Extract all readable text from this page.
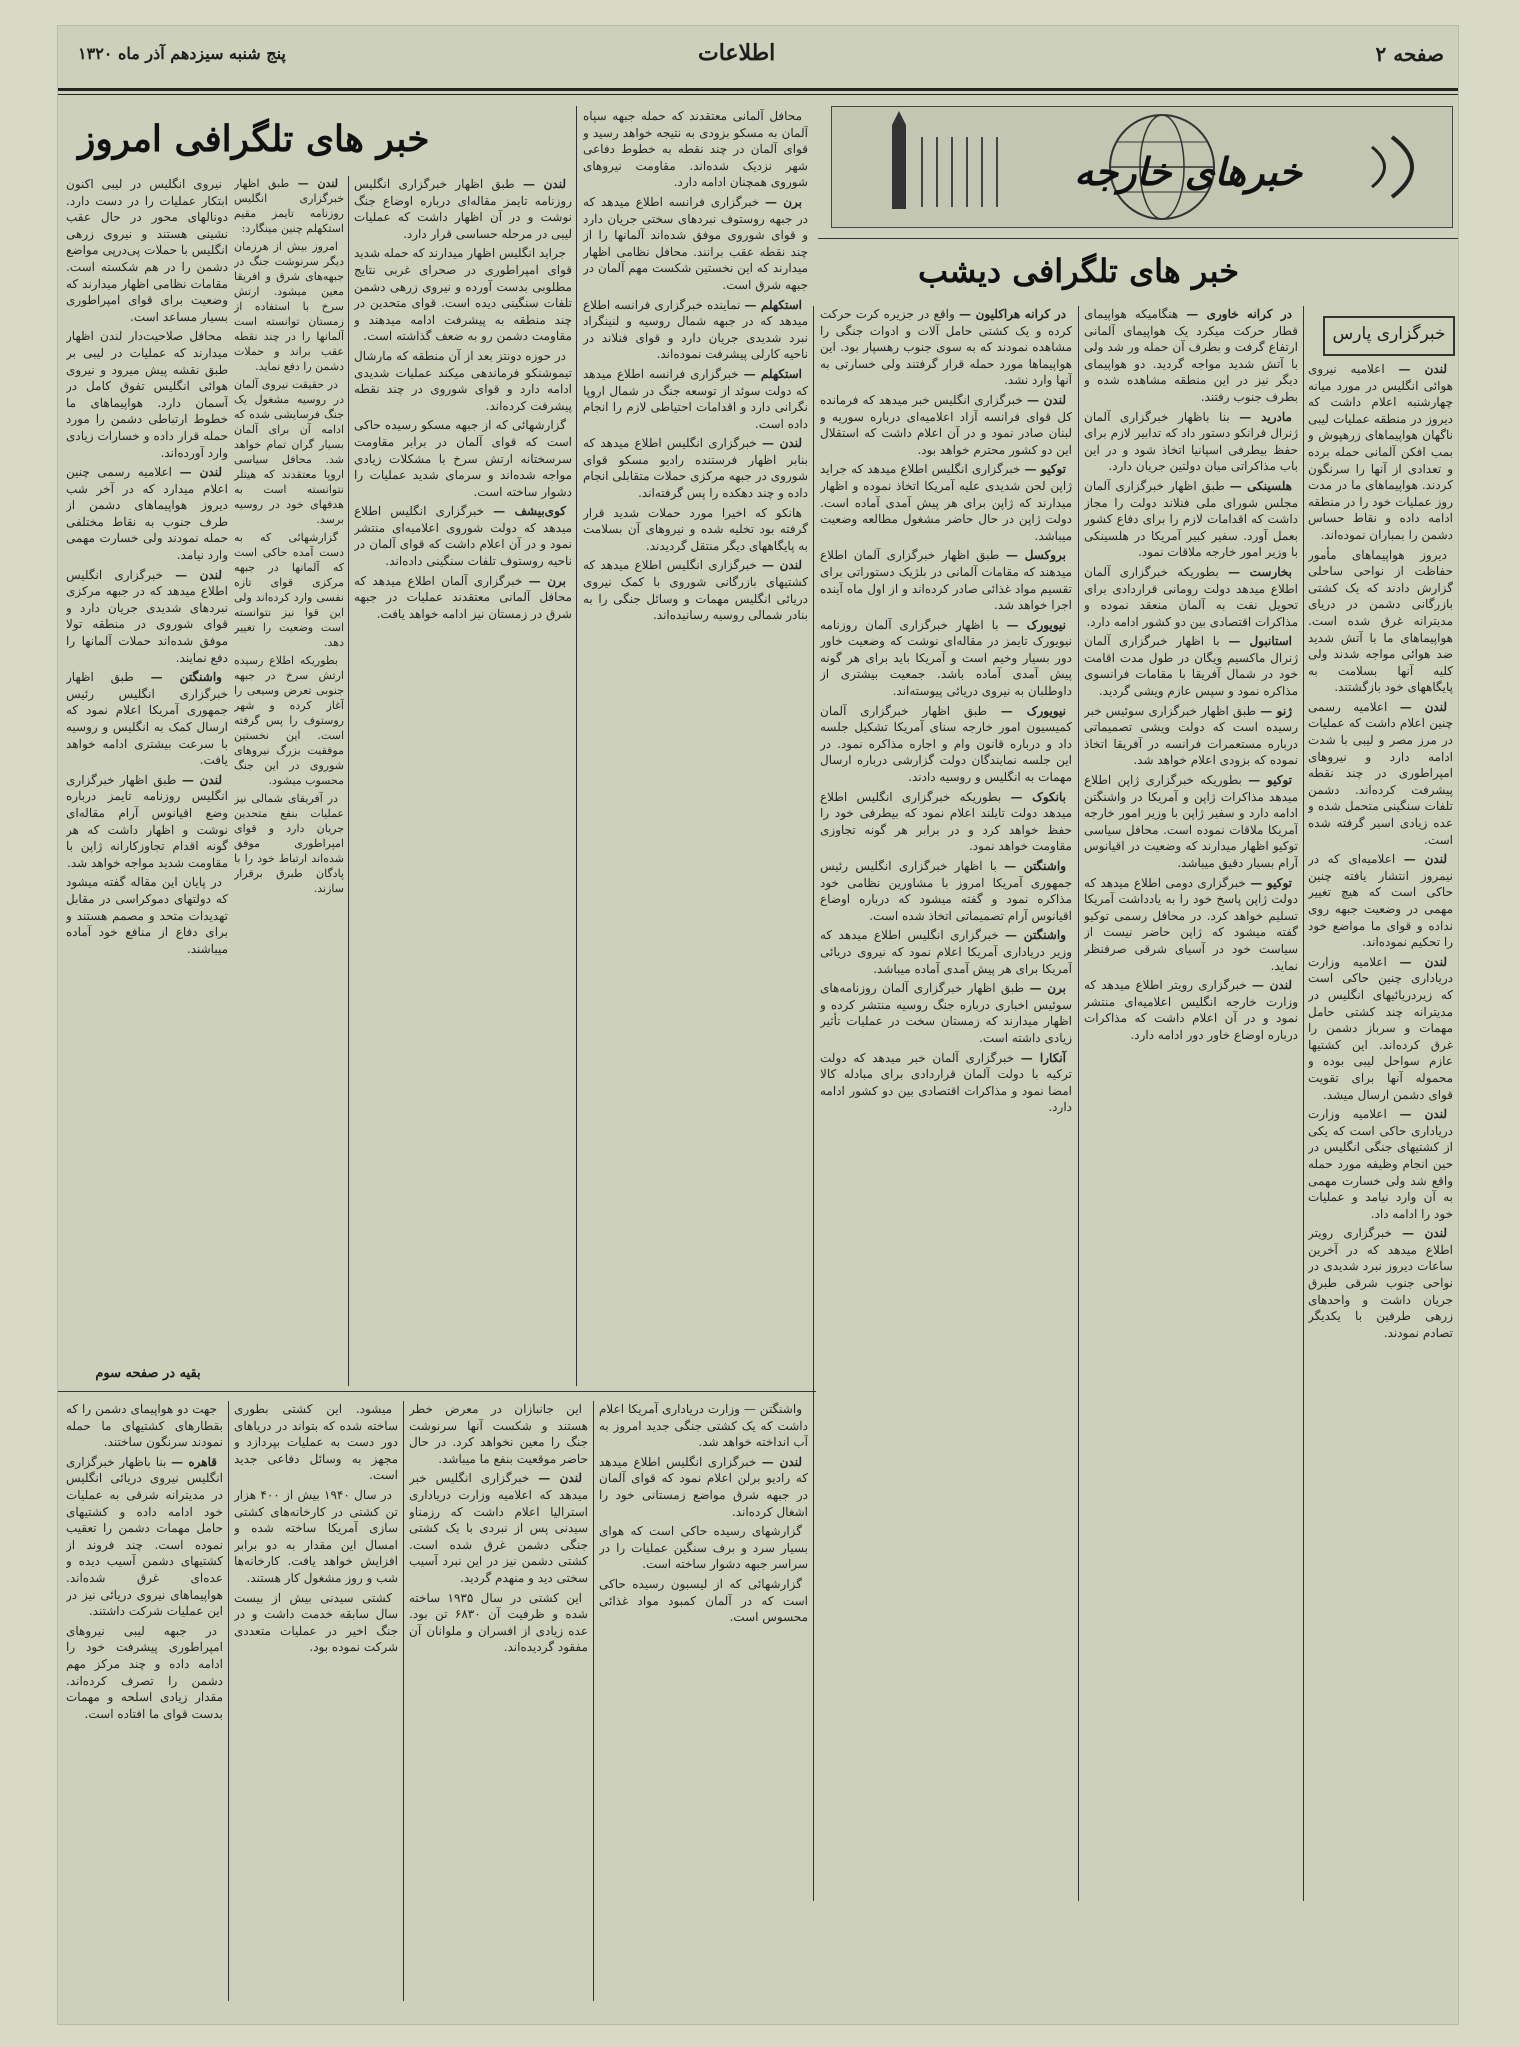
صفحه ۲
اطلاعات
پنج شنبه سیزدهم آذر ماه ۱۳۲۰
خبرهای خارجه
خبر های تلگرافی امروز
خبر های تلگرافی دیشب
خبرگزاری پارس

لندن — اعلامیه نیروی هوائی انگلیس در مورد میانه چهارشنبه اعلام داشت که دیروز در منطقه عملیات لیبی ناگهان هواپیماهای زرهپوش و بمب افکن آلمانی حمله برده و تعدادی از آنها را سرنگون کردند. هواپیماهای ما در مدت روز عملیات خود را در منطقه ادامه داده و نقاط حساس دشمن را بمباران نموده‌اند.

دیروز هواپیماهای مأمور حفاظت از نواحی ساحلی گزارش دادند که یک کشتی بازرگانی دشمن در دریای مدیترانه غرق شده است. هواپیماهای ما با آتش شدید ضد هوائی مواجه شدند ولی کلیه آنها بسلامت به پایگاههای خود بازگشتند.

لندن — اعلامیه رسمی چنین اعلام داشت که عملیات در مرز مصر و لیبی با شدت ادامه دارد و نیروهای امپراطوری در چند نقطه پیشرفت کرده‌اند. دشمن تلفات سنگینی متحمل شده و عده زیادی اسیر گرفته شده است.

لندن — اعلامیه‌ای که در نیمروز انتشار یافته چنین حاکی است که هیچ تغییر مهمی در وضعیت جبهه روی نداده و قوای ما مواضع خود را تحکیم نموده‌اند.

لندن — اعلامیه وزارت دریاداری چنین حاکی است که زیردریائیهای انگلیس در مدیترانه چند کشتی حامل مهمات و سرباز دشمن را غرق کرده‌اند. این کشتیها عازم سواحل لیبی بوده و محموله آنها برای تقویت قوای دشمن ارسال میشد.

لندن — اعلامیه وزارت دریاداری حاکی است که یکی از کشتیهای جنگی انگلیس در حین انجام وظیفه مورد حمله واقع شد ولی خسارت مهمی به آن وارد نیامد و عملیات خود را ادامه داد.

لندن — خبرگزاری رویتر اطلاع میدهد که در آخرین ساعات دیروز نبرد شدیدی در نواحی جنوب شرقی طبرق جریان داشت و واحدهای زرهی طرفین با یکدیگر تصادم نمودند.

در کرانه خاوری — هنگامیکه هواپیمای قطار حرکت میکرد یک هواپیمای آلمانی ارتفاع گرفت و بطرف آن حمله ور شد ولی با آتش شدید مواجه گردید. دو هواپیمای دیگر نیز در این منطقه مشاهده شده و بطرف جنوب رفتند.

مادرید — بنا باظهار خبرگزاری آلمان ژنرال فرانکو دستور داد که تدابیر لازم برای حفظ بیطرفی اسپانیا اتخاذ شود و در این باب مذاکراتی میان دولتین جریان دارد.

هلسینکی — طبق اظهار خبرگزاری آلمان مجلس شورای ملی فنلاند دولت را مجاز داشت که اقدامات لازم را برای دفاع کشور بعمل آورد. سفیر کبیر آمریکا در هلسینکی با وزیر امور خارجه ملاقات نمود.

بخارست — بطوریکه خبرگزاری آلمان اطلاع میدهد دولت رومانی قراردادی برای تحویل نفت به آلمان منعقد نموده و مذاکرات اقتصادی بین دو کشور ادامه دارد.

استانبول — با اظهار خبرگزاری آلمان ژنرال ماکسیم ویگان در طول مدت اقامت خود در شمال آفریقا با مقامات فرانسوی مذاکره نمود و سپس عازم ویشی گردید.

ژنو — طبق اظهار خبرگزاری سوئیس خبر رسیده است که دولت ویشی تصمیماتی درباره مستعمرات فرانسه در آفریقا اتخاذ نموده که بزودی اعلام خواهد شد.

توکیو — بطوریکه خبرگزاری ژاپن اطلاع میدهد مذاکرات ژاپن و آمریکا در واشنگتن ادامه دارد و سفیر ژاپن با وزیر امور خارجه آمریکا ملاقات نموده است. محافل سیاسی توکیو اظهار میدارند که وضعیت در اقیانوس آرام بسیار دقیق میباشد.

توکیو — خبرگزاری دومی اطلاع میدهد که دولت ژاپن پاسخ خود را به یادداشت آمریکا تسلیم خواهد کرد. در محافل رسمی توکیو گفته میشود که ژاپن حاضر نیست از سیاست خود در آسیای شرقی صرفنظر نماید.

لندن — خبرگزاری رویتر اطلاع میدهد که وزارت خارجه انگلیس اعلامیه‌ای منتشر نمود و در آن اعلام داشت که مذاکرات درباره اوضاع خاور دور ادامه دارد.

در کرانه هراکلیون — واقع در جزیره کرت حرکت کرده و یک کشتی حامل آلات و ادوات جنگی را مشاهده نمودند که به سوی جنوب رهسپار بود. این هواپیماها مورد حمله قرار گرفتند ولی خسارتی به آنها وارد نشد.

لندن — خبرگزاری انگلیس خبر میدهد که فرمانده کل قوای فرانسه آزاد اعلامیه‌ای درباره سوریه و لبنان صادر نمود و در آن اعلام داشت که استقلال این دو کشور محترم خواهد بود.

توکیو — خبرگزاری انگلیس اطلاع میدهد که جراید ژاپن لحن شدیدی علیه آمریکا اتخاذ نموده و اظهار میدارند که ژاپن برای هر پیش آمدی آماده است. دولت ژاپن در حال حاضر مشغول مطالعه وضعیت میباشد.

بروکسل — طبق اظهار خبرگزاری آلمان اطلاع میدهند که مقامات آلمانی در بلژیک دستوراتی برای تقسیم مواد غذائی صادر کرده‌اند و از اول ماه آینده اجرا خواهد شد.

نیویورک — با اظهار خبرگزاری آلمان روزنامه نیویورک تایمز در مقاله‌ای نوشت که وضعیت خاور دور بسیار وخیم است و آمریکا باید برای هر گونه پیش آمدی آماده باشد. جمعیت بیشتری از داوطلبان به نیروی دریائی پیوسته‌اند.

نیویورک — طبق اظهار خبرگزاری آلمان کمیسیون امور خارجه سنای آمریکا تشکیل جلسه داد و درباره قانون وام و اجاره مذاکره نمود. در این جلسه نمایندگان دولت گزارشی درباره ارسال مهمات به انگلیس و روسیه دادند.

بانکوک — بطوریکه خبرگزاری انگلیس اطلاع میدهد دولت تایلند اعلام نمود که بیطرفی خود را حفظ خواهد کرد و در برابر هر گونه تجاوزی مقاومت خواهد نمود.

واشنگتن — با اظهار خبرگزاری انگلیس رئیس جمهوری آمریکا امروز با مشاورین نظامی خود مذاکره نمود و گفته میشود که درباره اوضاع اقیانوس آرام تصمیماتی اتخاذ شده است.

واشنگتن — خبرگزاری انگلیس اطلاع میدهد که وزیر دریاداری آمریکا اعلام نمود که نیروی دریائی آمریکا برای هر پیش آمدی آماده میباشد.

برن — طبق اظهار خبرگزاری آلمان روزنامه‌های سوئیس اخباری درباره جنگ روسیه منتشر کرده و اظهار میدارند که زمستان سخت در عملیات تأثیر زیادی داشته است.

آنکارا — خبرگزاری آلمان خبر میدهد که دولت ترکیه با دولت آلمان قراردادی برای مبادله کالا امضا نمود و مذاکرات اقتصادی بین دو کشور ادامه دارد.

محافل آلمانی معتقدند که حمله جبهه سپاه آلمان به مسکو بزودی به نتیجه خواهد رسید و قوای آلمان در چند نقطه به خطوط دفاعی شهر نزدیک شده‌اند. مقاومت نیروهای شوروی همچنان ادامه دارد.

برن — خبرگزاری فرانسه اطلاع میدهد که در جبهه روستوف نبردهای سختی جریان دارد و قوای شوروی موفق شده‌اند آلمانها را از چند نقطه عقب برانند. محافل نظامی اظهار میدارند که این نخستین شکست مهم آلمان در جبهه شرق است.

استکهلم — نماینده خبرگزاری فرانسه اطلاع میدهد که در جبهه شمال روسیه و لنینگراد نبرد شدیدی جریان دارد و قوای فنلاند در ناحیه کارلی پیشرفت نموده‌اند.

استکهلم — خبرگزاری فرانسه اطلاع میدهد که دولت سوئد از توسعه جنگ در شمال اروپا نگرانی دارد و اقدامات احتیاطی لازم را انجام داده است.

لندن — خبرگزاری انگلیس اطلاع میدهد که بنابر اظهار فرستنده رادیو مسکو قوای شوروی در جبهه مرکزی حملات متقابلی انجام داده و چند دهکده را پس گرفته‌اند.

هانکو که اخیرا مورد حملات شدید قرار گرفته بود تخلیه شده و نیروهای آن بسلامت به پایگاههای دیگر منتقل گردیدند.

لندن — خبرگزاری انگلیس اطلاع میدهد که کشتیهای بازرگانی شوروی با کمک نیروی دریائی انگلیس مهمات و وسائل جنگی را به بنادر شمالی روسیه رسانیده‌اند.

لندن — طبق اظهار خبرگزاری انگلیس روزنامه تایمز مقاله‌ای درباره اوضاع جنگ نوشت و در آن اظهار داشت که عملیات لیبی در مرحله حساسی قرار دارد.

جراید انگلیس اظهار میدارند که حمله شدید قوای امپراطوری در صحرای غربی نتایج مطلوبی بدست آورده و نیروی زرهی دشمن تلفات سنگینی دیده است. قوای متحدین در چند منطقه به پیشرفت ادامه میدهند و مقاومت دشمن رو به ضعف گذاشته است.

در حوزه دونتز بعد از آن منطقه که مارشال تیموشنکو فرماندهی میکند عملیات شدیدی ادامه دارد و قوای شوروی در چند نقطه پیشرفت کرده‌اند.

گزارشهائی که از جبهه مسکو رسیده حاکی است که قوای آلمان در برابر مقاومت سرسختانه ارتش سرخ با مشکلات زیادی مواجه شده‌اند و سرمای شدید عملیات را دشوار ساخته است.

کوی‌بیشف — خبرگزاری انگلیس اطلاع میدهد که دولت شوروی اعلامیه‌ای منتشر نمود و در آن اعلام داشت که قوای آلمان در ناحیه روستوف تلفات سنگینی داده‌اند.

برن — خبرگزاری آلمان اطلاع میدهد که محافل آلمانی معتقدند عملیات در جبهه شرق در زمستان نیز ادامه خواهد یافت.

لندن — طبق اظهار خبرگزاری انگلیس روزنامه تایمز مقیم استکهلم چنین مینگارد:

امروز بیش از هرزمان دیگر سرنوشت جنگ در جبهه‌های شرق و افریقا معین میشود. ارتش سرخ با استفاده از زمستان توانسته است آلمانها را در چند نقطه عقب براند و حملات دشمن را دفع نماید.

در حقیقت نیروی آلمان در روسیه مشغول یک جنگ فرسایشی شده که ادامه آن برای آلمان بسیار گران تمام خواهد شد. محافل سیاسی اروپا معتقدند که هیتلر نتوانسته است به هدفهای خود در روسیه برسد.

گزارشهائی که به دست آمده حاکی است که آلمانها در جبهه مرکزی قوای تازه نفسی وارد کرده‌اند ولی این قوا نیز نتوانسته است وضعیت را تغییر دهد.

بطوریکه اطلاع رسیده ارتش سرخ در جبهه جنوبی تعرض وسیعی را آغاز کرده و شهر روستوف را پس گرفته است. این نخستین موفقیت بزرگ نیروهای شوروی در این جنگ محسوب میشود.

در آفریقای شمالی نیز عملیات بنفع متحدین جریان دارد و قوای امپراطوری موفق شده‌اند ارتباط خود را با پادگان طبرق برقرار سازند.

نیروی انگلیس در لیبی اکنون ابتکار عملیات را در دست دارد. دونالهای محور در حال عقب نشینی هستند و نیروی زرهی انگلیس با حملات پی‌درپی مواضع دشمن را در هم شکسته است. مقامات نظامی اظهار میدارند که وضعیت برای قوای امپراطوری بسیار مساعد است.

محافل صلاحیت‌دار لندن اظهار میدارند که عملیات در لیبی بر طبق نقشه پیش میرود و نیروی هوائی انگلیس تفوق کامل در آسمان دارد. هواپیماهای ما خطوط ارتباطی دشمن را مورد حمله قرار داده و خسارات زیادی وارد آورده‌اند.

لندن — اعلامیه رسمی چنین اعلام میدارد که در آخر شب دیروز هواپیماهای دشمن از طرف جنوب به نقاط مختلفی حمله نمودند ولی خسارت مهمی وارد نیامد.

لندن — خبرگزاری انگلیس اطلاع میدهد که در جبهه مرکزی نبردهای شدیدی جریان دارد و قوای شوروی در منطقه تولا موفق شده‌اند حملات آلمانها را دفع نمایند.

واشنگتن — طبق اظهار خبرگزاری انگلیس رئیس جمهوری آمریکا اعلام نمود که ارسال کمک به انگلیس و روسیه با سرعت بیشتری ادامه خواهد یافت.

لندن — طبق اظهار خبرگزاری انگلیس روزنامه تایمز درباره وضع اقیانوس آرام مقاله‌ای نوشت و اظهار داشت که هر گونه اقدام تجاوزکارانه ژاپن با مقاومت شدید مواجه خواهد شد.

در پایان این مقاله گفته میشود که دولتهای دموکراسی در مقابل تهدیدات متحد و مصمم هستند و برای دفاع از منافع خود آماده میباشند.

بقیه در صفحه سوم

جهت دو هواپیمای دشمن را که بقطارهای کشتیهای ما حمله نمودند سرنگون ساختند.

قاهره — بنا باظهار خبرگزاری انگلیس نیروی دریائی انگلیس در مدیترانه شرقی به عملیات خود ادامه داده و کشتیهای حامل مهمات دشمن را تعقیب نموده است. چند فروند از کشتیهای دشمن آسیب دیده و عده‌ای غرق شده‌اند. هواپیماهای نیروی دریائی نیز در این عملیات شرکت داشتند.

در جبهه لیبی نیروهای امپراطوری پیشرفت خود را ادامه داده و چند مرکز مهم دشمن را تصرف کرده‌اند. مقدار زیادی اسلحه و مهمات بدست قوای ما افتاده است.

میشود. این کشتی بطوری ساخته شده که بتواند در دریاهای دور دست به عملیات بپردازد و مجهز به وسائل دفاعی جدید است.

در سال ۱۹۴۰ بیش از ۴۰۰ هزار تن کشتی در کارخانه‌های کشتی سازی آمریکا ساخته شده و امسال این مقدار به دو برابر افزایش خواهد یافت. کارخانه‌ها شب و روز مشغول کار هستند.

کشتی سیدنی بیش از بیست سال سابقه خدمت داشت و در جنگ اخیر در عملیات متعددی شرکت نموده بود.

این جانبازان در معرض خطر هستند و شکست آنها سرنوشت جنگ را معین نخواهد کرد. در حال حاضر موقعیت بنفع ما میباشد.

لندن — خبرگزاری انگلیس خبر میدهد که اعلامیه وزارت دریاداری استرالیا اعلام داشت که رزمناو سیدنی پس از نبردی با یک کشتی جنگی دشمن غرق شده است. کشتی دشمن نیز در این نبرد آسیب سختی دید و منهدم گردید.

این کشتی در سال ۱۹۳۵ ساخته شده و ظرفیت آن ۶۸۳۰ تن بود. عده زیادی از افسران و ملوانان آن مفقود گردیده‌اند.

واشنگتن — وزارت دریاداری آمریکا اعلام داشت که یک کشتی جنگی جدید امروز به آب انداخته خواهد شد.

لندن — خبرگزاری انگلیس اطلاع میدهد که رادیو برلن اعلام نمود که قوای آلمان در جبهه شرق مواضع زمستانی خود را اشغال کرده‌اند.

گزارشهای رسیده حاکی است که هوای بسیار سرد و برف سنگین عملیات را در سراسر جبهه دشوار ساخته است.

گزارشهائی که از لیسبون رسیده حاکی است که در آلمان کمبود مواد غذائی محسوس است.
